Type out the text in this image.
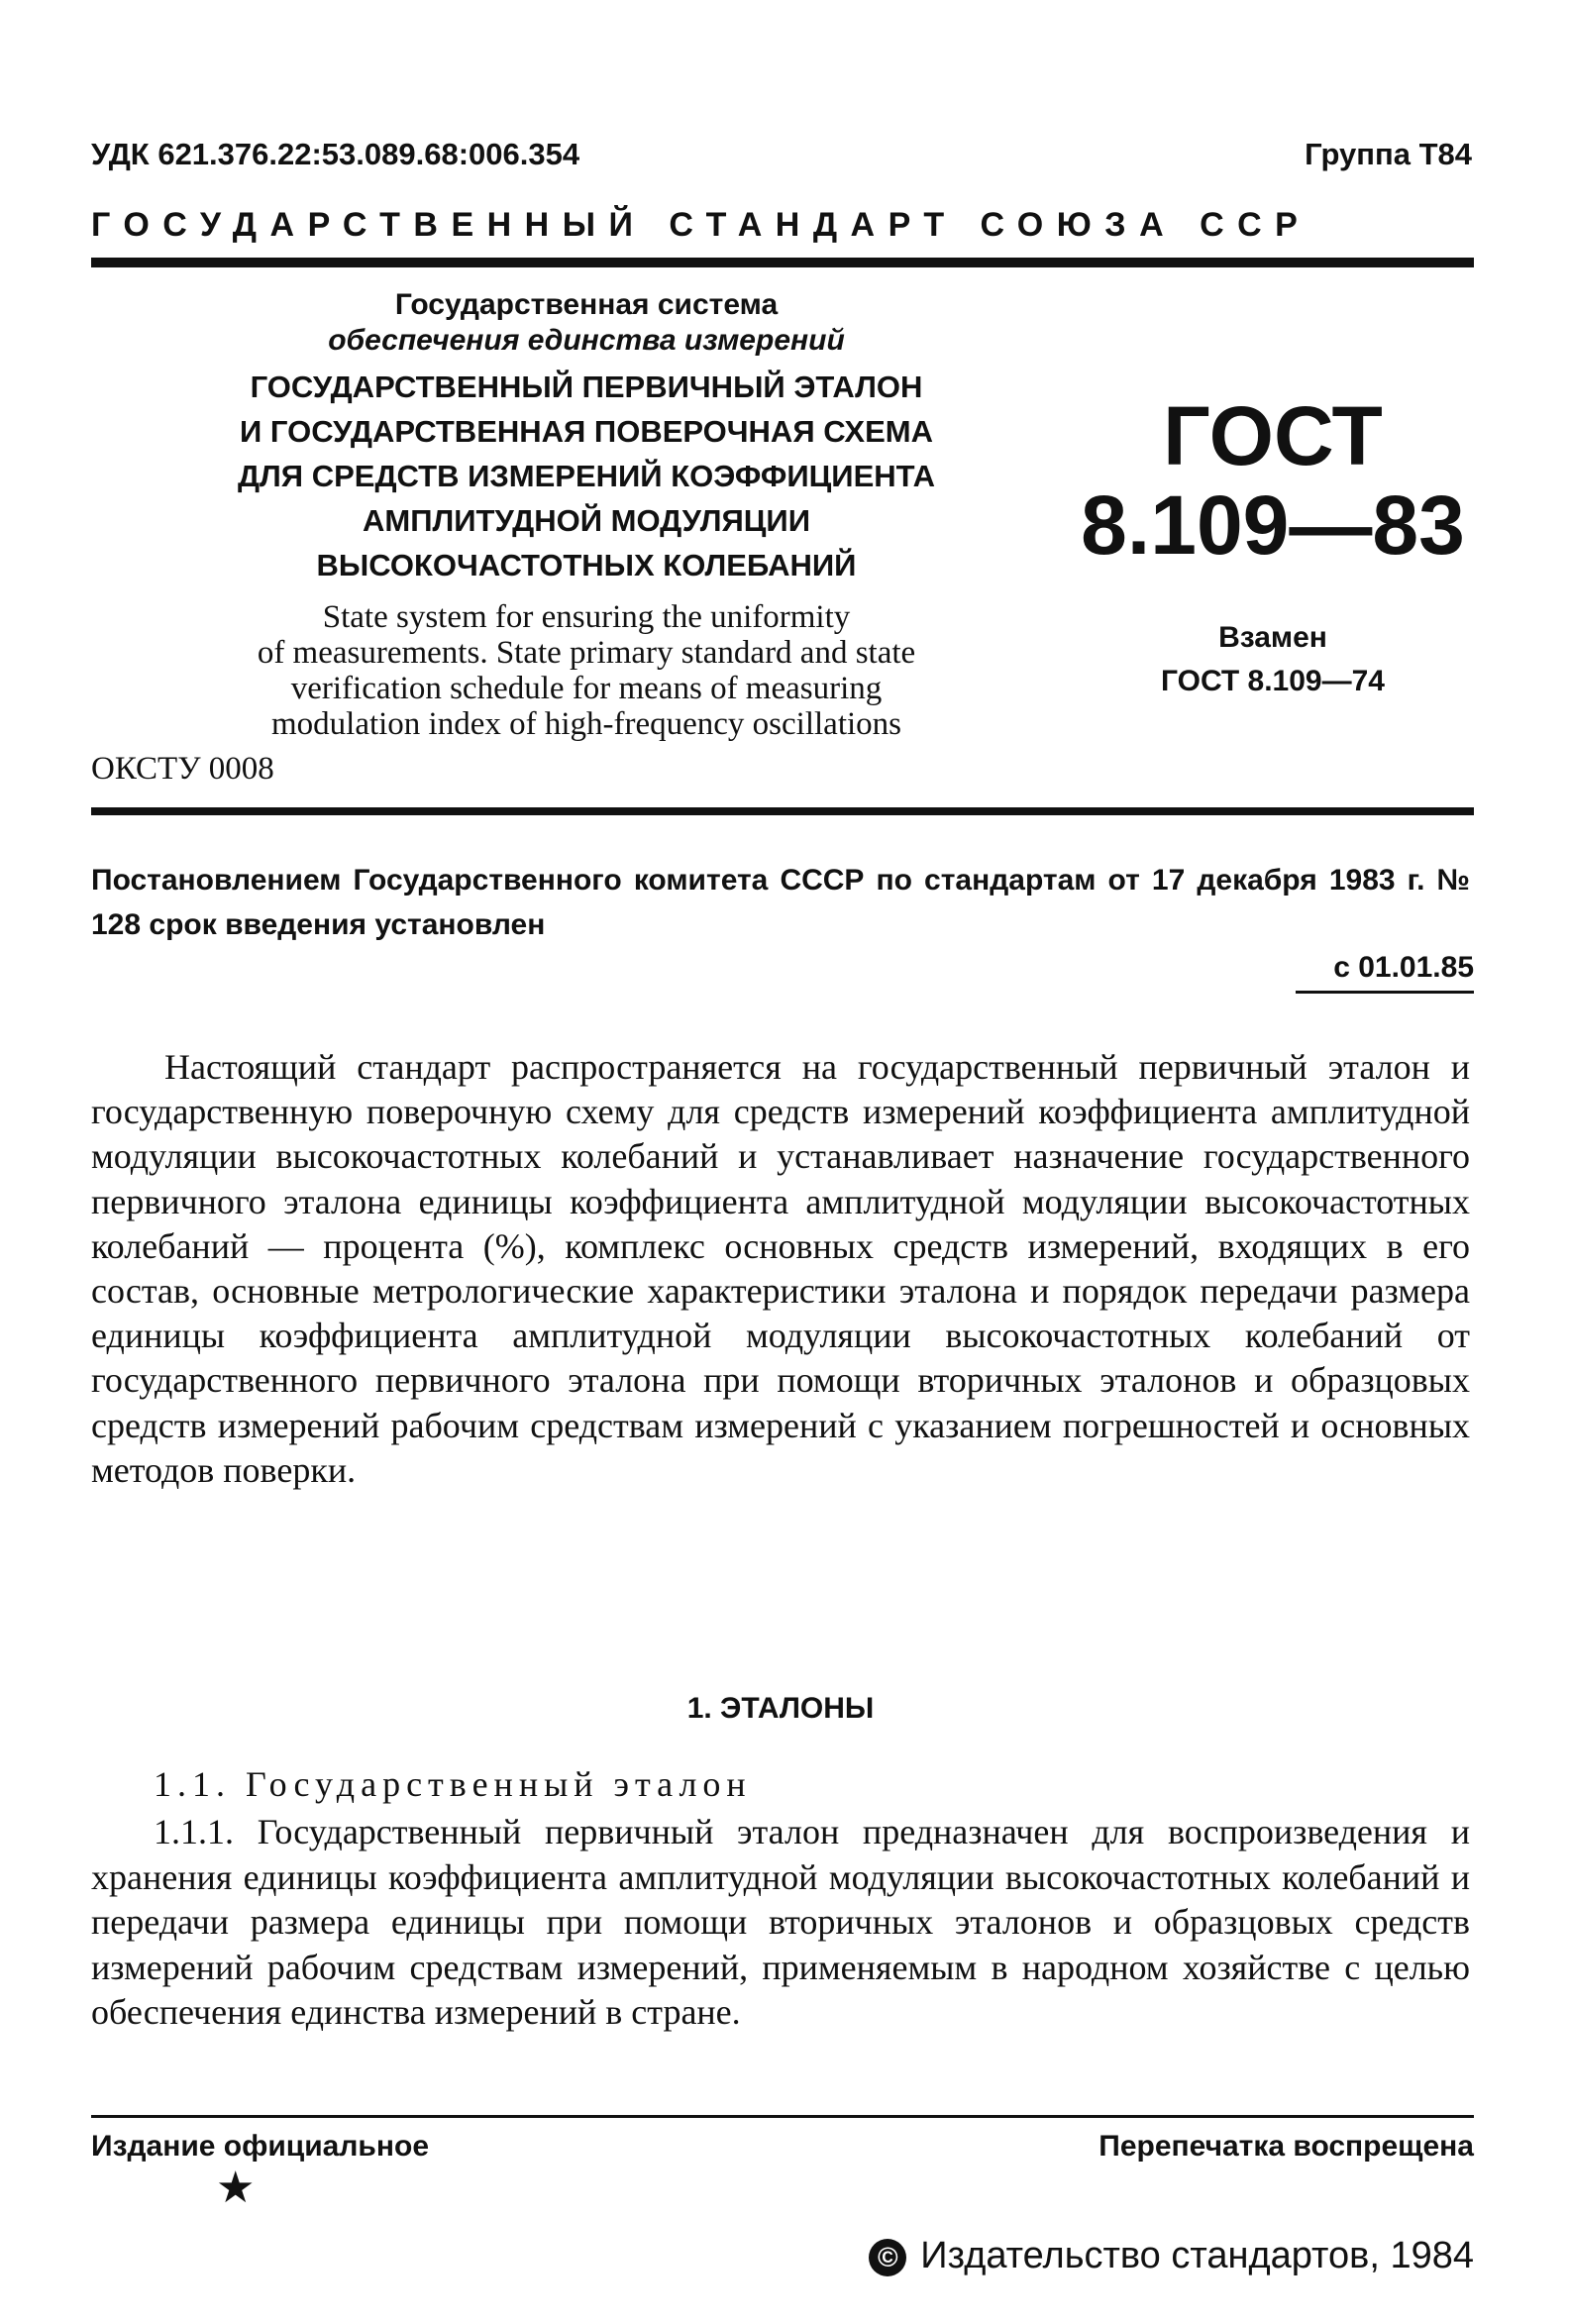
УДК 621.376.22:53.089.68:006.354	Группа Т84
ГОСУДАРСТВЕННЫЙ СТАНДАРТ СОЮЗА ССР
Государственная система
обеспечения единства измерений
ГОСУДАРСТВЕННЫЙ ПЕРВИЧНЫЙ ЭТАЛОН
И ГОСУДАРСТВЕННАЯ ПОВЕРОЧНАЯ СХЕМА
ДЛЯ СРЕДСТВ ИЗМЕРЕНИЙ КОЭФФИЦИЕНТА
АМПЛИТУДНОЙ МОДУЛЯЦИИ
ВЫСОКОЧАСТОТНЫХ КОЛЕБАНИЙ
State system for ensuring the uniformity
of measurements. State primary standard and state
verification schedule for means of measuring
modulation index of high-frequency oscillations
ОКСТУ 0008
ГОСТ
8.109—83
Взамен
ГОСТ 8.109—74
Постановлением Государственного комитета СССР по стандартам от 17 декабря 1983 г. № 128 срок введения установлен
с 01.01.85
Настоящий стандарт распространяется на государственный первичный эталон и государственную поверочную схему для средств измерений коэффициента амплитудной модуляции высокочастотных колебаний и устанавливает назначение государственного первичного эталона единицы коэффициента амплитудной модуляции высокочастотных колебаний — процента (%), комплекс основных средств измерений, входящих в его состав, основные метрологические характеристики эталона и порядок передачи размера единицы коэффициента амплитудной модуляции высокочастотных колебаний от государственного первичного эталона при помощи вторичных эталонов и образцовых средств измерений рабочим средствам измерений с указанием погрешностей и основных методов поверки.
1. ЭТАЛОНЫ
1.1. Государственный эталон
1.1.1. Государственный первичный эталон предназначен для воспроизведения и хранения единицы коэффициента амплитудной модуляции высокочастотных колебаний и передачи размера единицы при помощи вторичных эталонов и образцовых средств измерений рабочим средствам измерений, применяемым в народном хозяйстве с целью обеспечения единства измерений в стране.
Издание официальное	Перепечатка воспрещена
★
© Издательство стандартов, 1984
